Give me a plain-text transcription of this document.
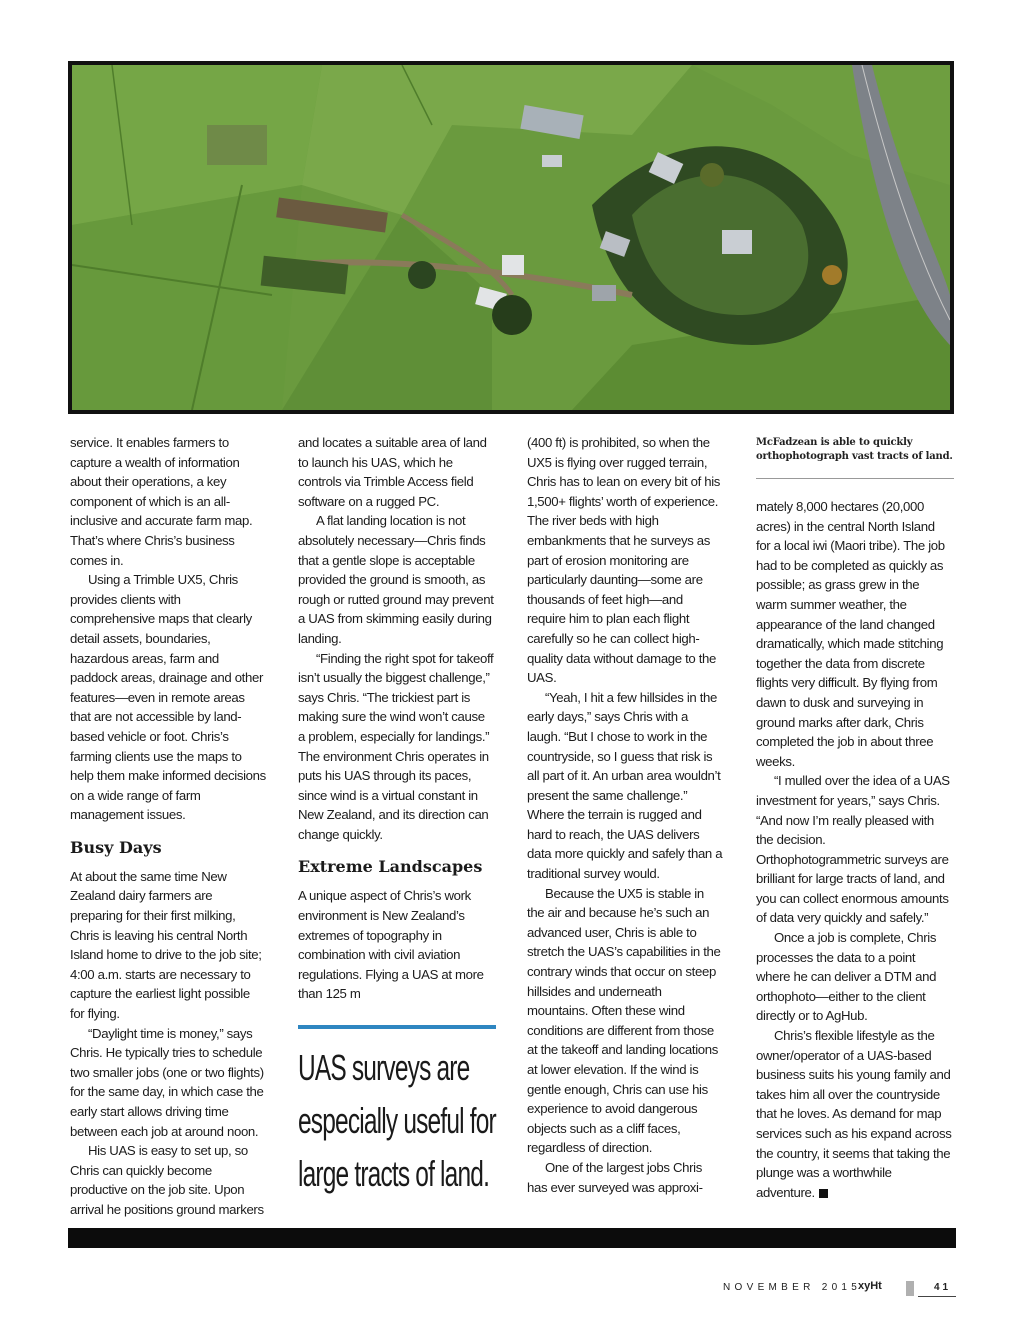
service. It enables farmers to capture a wealth of information about their operations, a key component of which is an all-inclusive and accurate farm map. That’s where Chris’s business comes in.

Using a Trimble UX5, Chris provides clients with comprehensive maps that clearly detail assets, boundaries, hazardous areas, farm and paddock areas, drainage and other features—even in remote areas that are not accessible by land-based vehicle or foot. Chris’s farming clients use the maps to help them make informed decisions on a wide range of farm management issues.

Busy Days

At about the same time New Zealand dairy farmers are preparing for their first milking, Chris is leaving his central North Island home to drive to the job site; 4:00 a.m. starts are necessary to capture the earliest light possible for flying.

“Daylight time is money,” says Chris. He typically tries to schedule two smaller jobs (one or two flights) for the same day, in which case the early start allows driving time between each job at around noon.

His UAS is easy to set up, so Chris can quickly become productive on the job site. Upon arrival he positions ground markers

and locates a suitable area of land to launch his UAS, which he controls via Trimble Access field software on a rugged PC.

A flat landing location is not absolutely necessary—Chris finds that a gentle slope is acceptable provided the ground is smooth, as rough or rutted ground may prevent a UAS from skimming easily during landing.

“Finding the right spot for takeoff isn’t usually the biggest challenge,” says Chris. “The trickiest part is making sure the wind won’t cause a problem, especially for landings.” The environment Chris operates in puts his UAS through its paces, since wind is a virtual constant in New Zealand, and its direction can change quickly.

Extreme Landscapes

A unique aspect of Chris’s work environment is New Zealand’s extremes of topography in combination with civil aviation regulations. Flying a UAS at more than 125 m

UAS surveys are especially useful for large tracts of land.

(400 ft) is prohibited, so when the UX5 is flying over rugged terrain, Chris has to lean on every bit of his 1,500+ flights’ worth of experience. The river beds with high embankments that he surveys as part of erosion monitoring are particularly daunting—some are thousands of feet high—and require him to plan each flight carefully so he can collect high-quality data without damage to the UAS.

“Yeah, I hit a few hillsides in the early days,” says Chris with a laugh. “But I chose to work in the countryside, so I guess that risk is all part of it. An urban area wouldn’t present the same challenge.” Where the terrain is rugged and hard to reach, the UAS delivers data more quickly and safely than a traditional survey would.

Because the UX5 is stable in the air and because he’s such an advanced user, Chris is able to stretch the UAS’s capabilities in the contrary winds that occur on steep hillsides and underneath mountains. Often these wind conditions are different from those at the takeoff and landing locations at lower elevation. If the wind is gentle enough, Chris can use his experience to avoid dangerous objects such as a cliff faces, regardless of direction.

One of the largest jobs Chris has ever surveyed was approxi-

McFadzean is able to quickly orthophotograph vast tracts of land.

mately 8,000 hectares (20,000 acres) in the central North Island for a local iwi (Maori tribe). The job had to be completed as quickly as possible; as grass grew in the warm summer weather, the appearance of the land changed dramatically, which made stitching together the data from discrete flights very difficult. By flying from dawn to dusk and surveying in ground marks after dark, Chris completed the job in about three weeks.

“I mulled over the idea of a UAS investment for years,” says Chris. “And now I’m really pleased with the decision. Orthophotogrammetric surveys are brilliant for large tracts of land, and you can collect enormous amounts of data very quickly and safely.”

Once a job is complete, Chris processes the data to a point where he can deliver a DTM and orthophoto—either to the client directly or to AgHub.

Chris’s flexible lifestyle as the owner/operator of a UAS-based business suits his young family and takes him all over the countryside that he loves. As demand for map services such as his expand across the country, it seems that taking the plunge was a worthwhile adventure.

NOVEMBER 2015
xyHt	41
